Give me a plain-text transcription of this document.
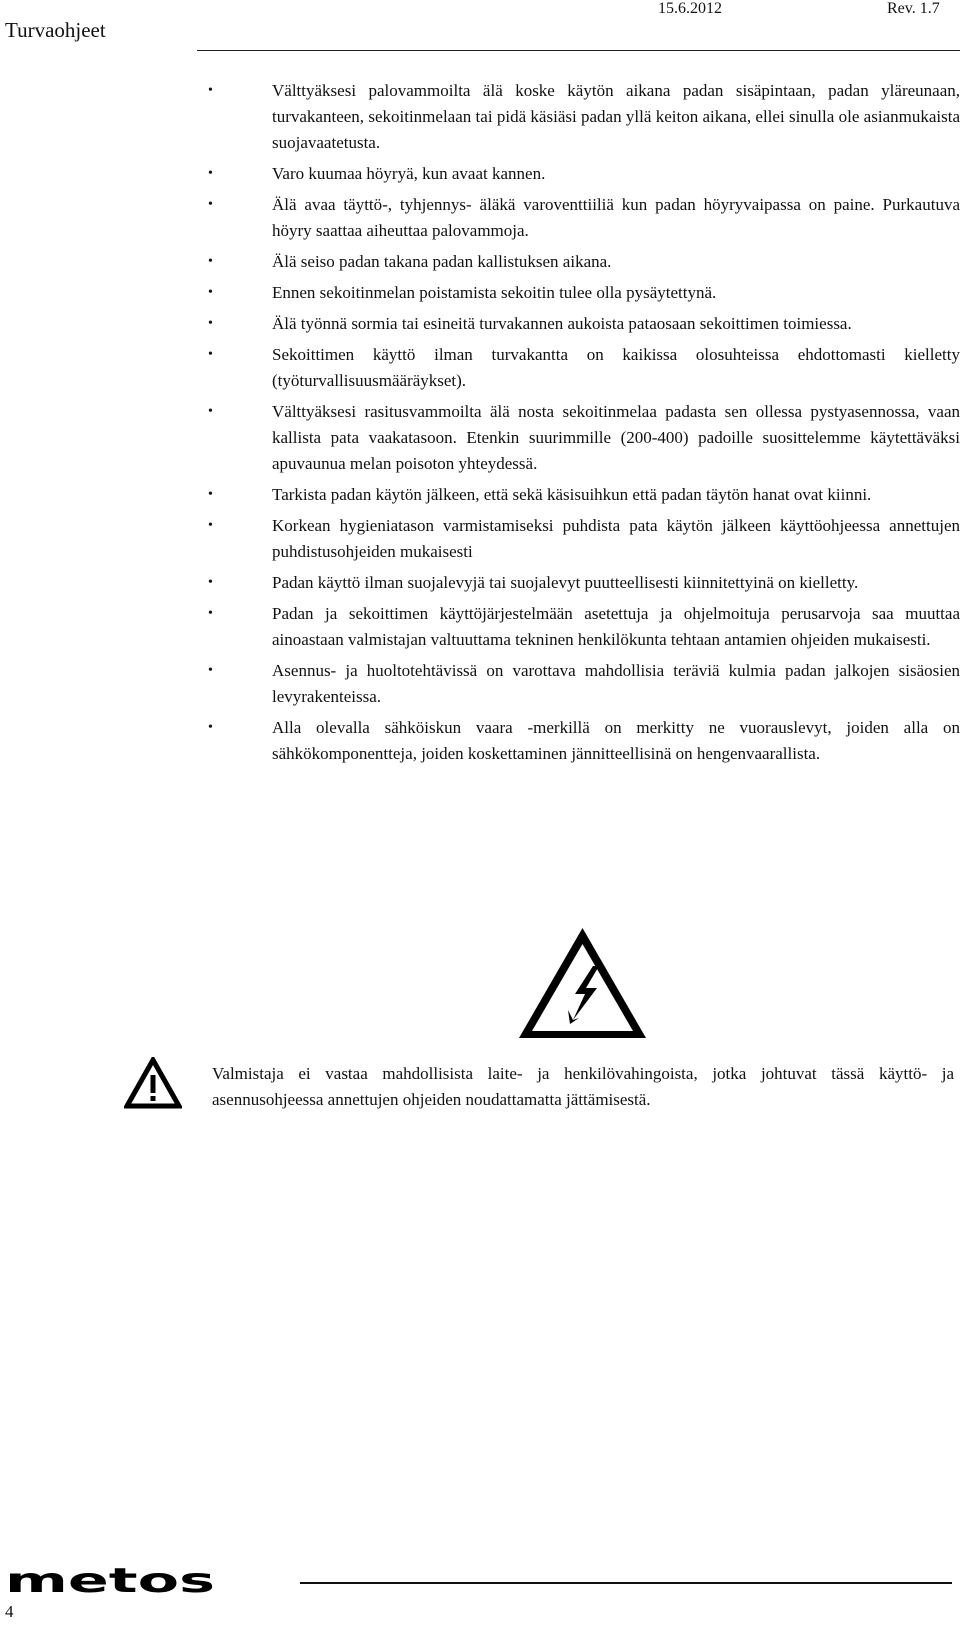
Turvaohjeet
15.6.2012	Rev. 1.7
•	Välttyäksesi palovammoilta älä koske käytön aikana padan sisäpintaan, padan yläreunaan, turvakanteen, sekoitinmelaan tai pidä käsiäsi padan yllä keiton aikana, ellei sinulla ole asianmukaista suojavaatetusta.
•	Varo kuumaa höyryä, kun avaat kannen.
•	Älä avaa täyttö-, tyhjennys- äläkä varoventtiiliä kun padan höyryvaipassa on paine. Purkautuva höyry saattaa aiheuttaa palovammoja.
•	Älä seiso padan takana padan kallistuksen aikana.
•	Ennen sekoitinmelan poistamista sekoitin tulee olla pysäytettynä.
•	Älä työnnä sormia tai esineitä turvakannen aukoista pataosaan sekoittimen toimiessa.
•	Sekoittimen käyttö ilman turvakantta on kaikissa olosuhteissa ehdottomasti kielletty (työturvallisuusmääräykset).
•	Välttyäksesi rasitusvammoilta älä nosta sekoitinmelaa padasta sen ollessa pystyasennossa, vaan kallista pata vaakatasoon. Etenkin suurimmille (200-400) padoille suosittelemme käytettäväksi apuvaunua melan poisoton yhteydessä.
•	Tarkista padan käytön jälkeen, että sekä käsisuihkun että padan täytön hanat ovat kiinni.
•	Korkean hygieniatason varmistamiseksi puhdista pata käytön jälkeen käyttöohjeessa annettujen puhdistusohjeiden mukaisesti
•	Padan käyttö ilman suojalevyjä tai suojalevyt puutteellisesti kiinnitettyinä on kielletty.
•	Padan ja sekoittimen käyttöjärjestelmään asetettuja ja ohjelmoituja perusarvoja saa muuttaa ainoastaan valmistajan valtuuttama tekninen henkilökunta tehtaan antamien ohjeiden mukaisesti.
•	Asennus- ja huoltotehtävissä on varottava mahdollisia teräviä kulmia padan jalkojen sisäosien levyrakenteissa.
•	Alla olevalla sähköiskun vaara -merkillä on merkitty ne vuorauslevyt, joiden alla on sähkökomponentteja, joiden koskettaminen jännitteellisinä on hengenvaarallista.

Valmistaja ei vastaa mahdollisista laite- ja henkilövahingoista, jotka johtuvat tässä käyttö- ja asennusohjeessa annettujen ohjeiden noudattamatta jättämisestä.

metos
4
